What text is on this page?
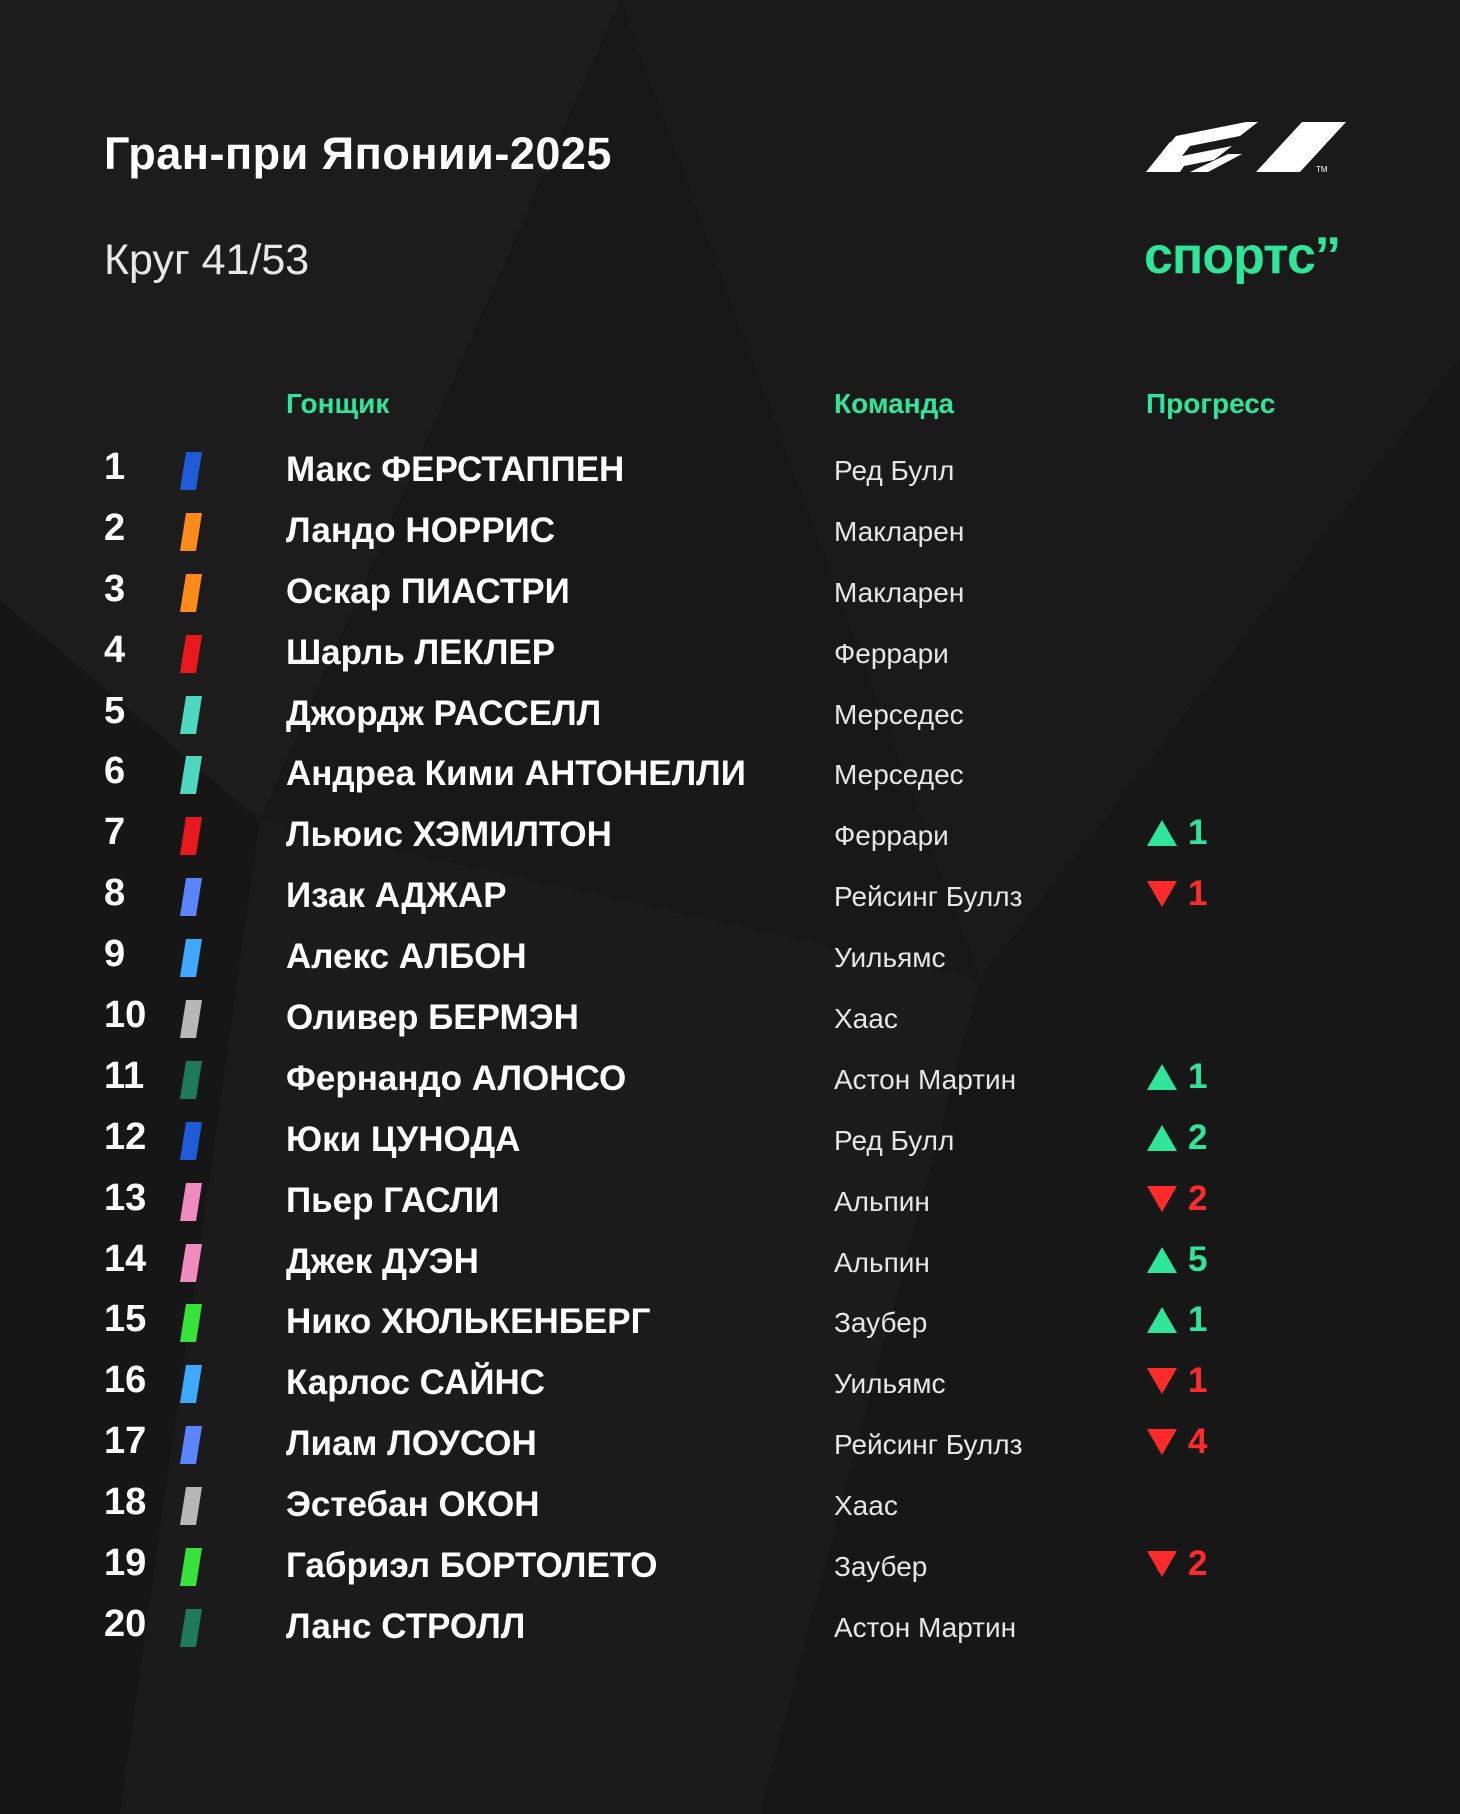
Гран-при Японии-2025
Круг 41/53
TM
спортс’’
Гонщик	Команда	Прогресс
1	Макс ФЕРСТАППЕН	Ред Булл
2	Ландо НОРРИС	Макларен
3	Оскар ПИАСТРИ	Макларен
4	Шарль ЛЕКЛЕР	Феррари
5	Джордж РАССЕЛЛ	Мерседес
6	Андреа Кими АНТОНЕЛЛИ	Мерседес
7	Льюис ХЭМИЛТОН	Феррари	1
8	Изак АДЖАР	Рейсинг Буллз	1
9	Алекс АЛБОН	Уильямс
10	Оливер БЕРМЭН	Хаас
11	Фернандо АЛОНСО	Астон Мартин	1
12	Юки ЦУНОДА	Ред Булл	2
13	Пьер ГАСЛИ	Альпин	2
14	Джек ДУЭН	Альпин	5
15	Нико ХЮЛЬКЕНБЕРГ	Заубер	1
16	Карлос САЙНС	Уильямс	1
17	Лиам ЛОУСОН	Рейсинг Буллз	4
18	Эстебан ОКОН	Хаас
19	Габриэл БОРТОЛЕТО	Заубер	2
20	Ланс СТРОЛЛ	Астон Мартин
